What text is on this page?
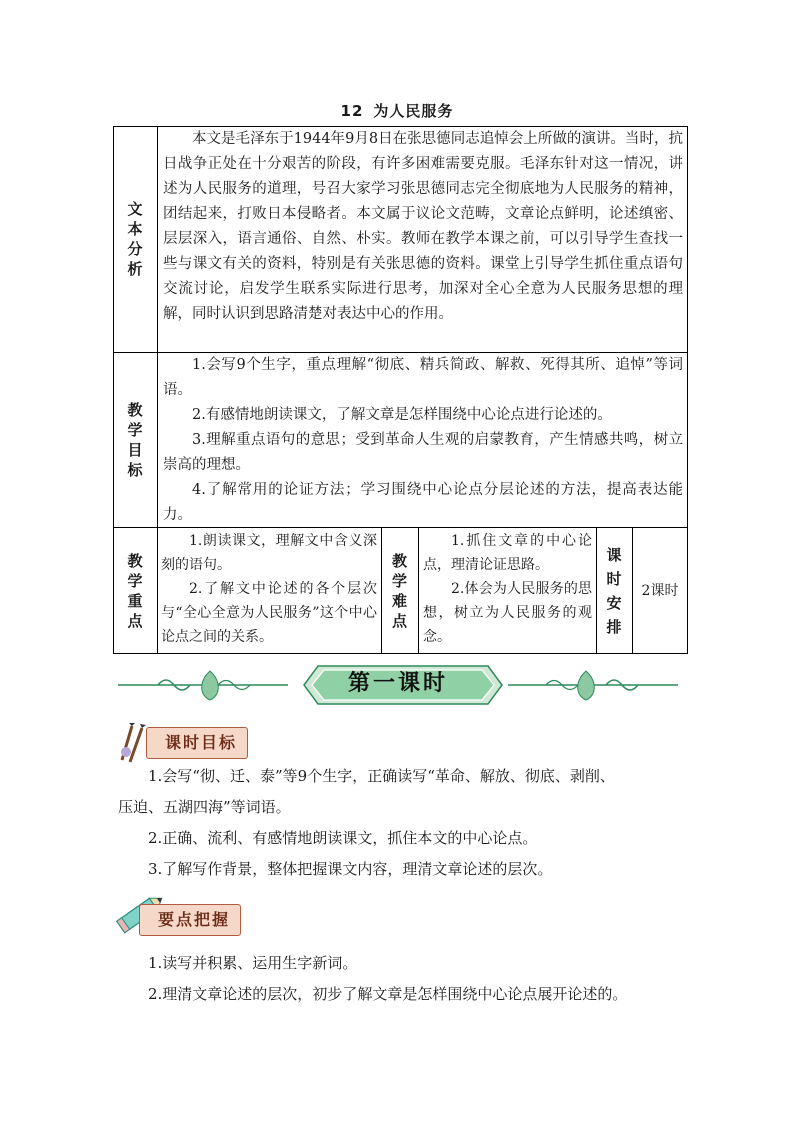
12 为人民服务
文
本
分
析

本文是毛泽东于1944年9月8日在张思德同志追悼会上所做的演讲。当时，抗日战争正处在十分艰苦的阶段，有许多困难需要克服。毛泽东针对这一情况，讲述为人民服务的道理，号召大家学习张思德同志完全彻底地为人民服务的精神，团结起来，打败日本侵略者。本文属于议论文范畴，文章论点鲜明，论述缜密、层层深入，语言通俗、自然、朴实。教师在教学本课之前，可以引导学生查找一些与课文有关的资料，特别是有关张思德的资料。课堂上引导学生抓住重点语句交流讨论，启发学生联系实际进行思考，加深对全心全意为人民服务思想的理解，同时认识到思路清楚对表达中心的作用。

教
学
目
标

1.会写9个生字，重点理解“彻底、精兵简政、解救、死得其所、追悼”等词语。

2.有感情地朗读课文，了解文章是怎样围绕中心论点进行论述的。

3.理解重点语句的意思；受到革命人生观的启蒙教育，产生情感共鸣，树立崇高的理想。

4.了解常用的论证方法；学习围绕中心论点分层论述的方法，提高表达能力。

教
学
重
点

1.朗读课文，理解文中含义深刻的语句。

2.了解文中论述的各个层次与“全心全意为人民服务”这个中心论点之间的关系。

教
学
难
点

1.抓住文章的中心论点，理清论证思路。

2.体会为人民服务的思想，树立为人民服务的观念。

课
时
安
排
2课时
第一课时
课时目标
1.会写“彻、迁、泰”等9个生字，正确读写“革命、解放、彻底、剥削、
压迫、五湖四海”等词语。
2.正确、流利、有感情地朗读课文，抓住本文的中心论点。
3.了解写作背景，整体把握课文内容，理清文章论述的层次。
要点把握
1.读写并积累、运用生字新词。
2.理清文章论述的层次，初步了解文章是怎样围绕中心论点展开论述的。
